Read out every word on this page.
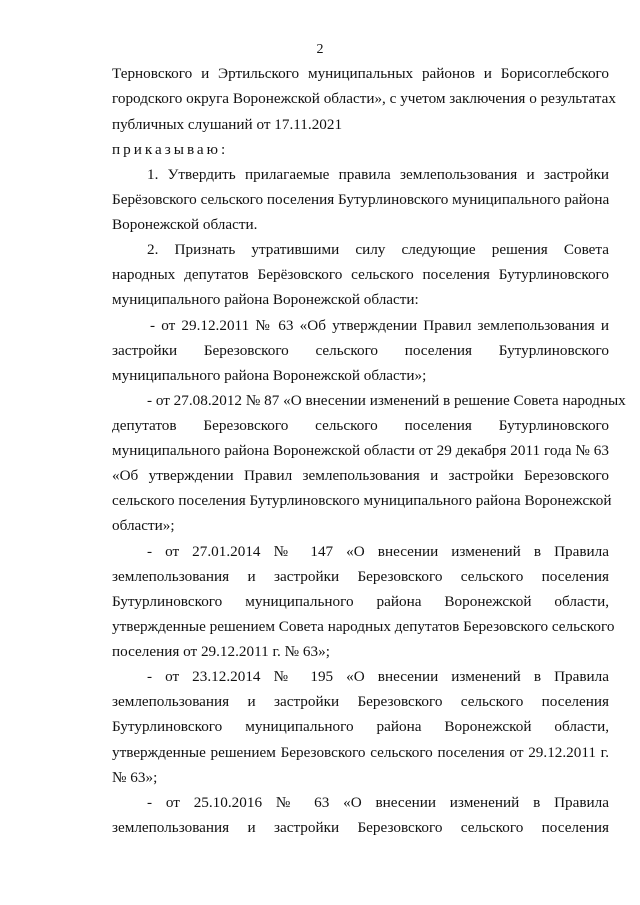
2
Терновского и Эртильского муниципальных районов и Борисоглебского
городского округа Воронежской области», с учетом заключения о результатах
публичных слушаний от 17.11.2021
приказываю:
1. Утвердить прилагаемые правила землепользования и застройки
Берёзовского сельского поселения Бутурлиновского муниципального района
Воронежской области.
2. Признать утратившими силу следующие решения Совета
народных депутатов Берёзовского сельского поселения Бутурлиновского
муниципального района Воронежской области:
- от 29.12.2011 № 63 «Об утверждении Правил землепользования и
застройки Березовского сельского поселения Бутурлиновского
муниципального района Воронежской области»;
- от 27.08.2012 № 87 «О внесении изменений в решение Совета народных
депутатов Березовского сельского поселения Бутурлиновского
муниципального района Воронежской области от 29 декабря 2011 года № 63
«Об утверждении Правил землепользования и застройки Березовского
сельского поселения Бутурлиновского муниципального района Воронежской
области»;
- от 27.01.2014 № 147 «О внесении изменений в Правила
землепользования и застройки Березовского сельского поселения
Бутурлиновского муниципального района Воронежской области,
утвержденные решением Совета народных депутатов Березовского сельского
поселения от 29.12.2011 г. № 63»;
- от 23.12.2014 № 195 «О внесении изменений в Правила
землепользования и застройки Березовского сельского поселения
Бутурлиновского муниципального района Воронежской области,
утвержденные решением Березовского сельского поселения от 29.12.2011 г.
№ 63»;
- от 25.10.2016 № 63 «О внесении изменений в Правила
землепользования и застройки Березовского сельского поселения
